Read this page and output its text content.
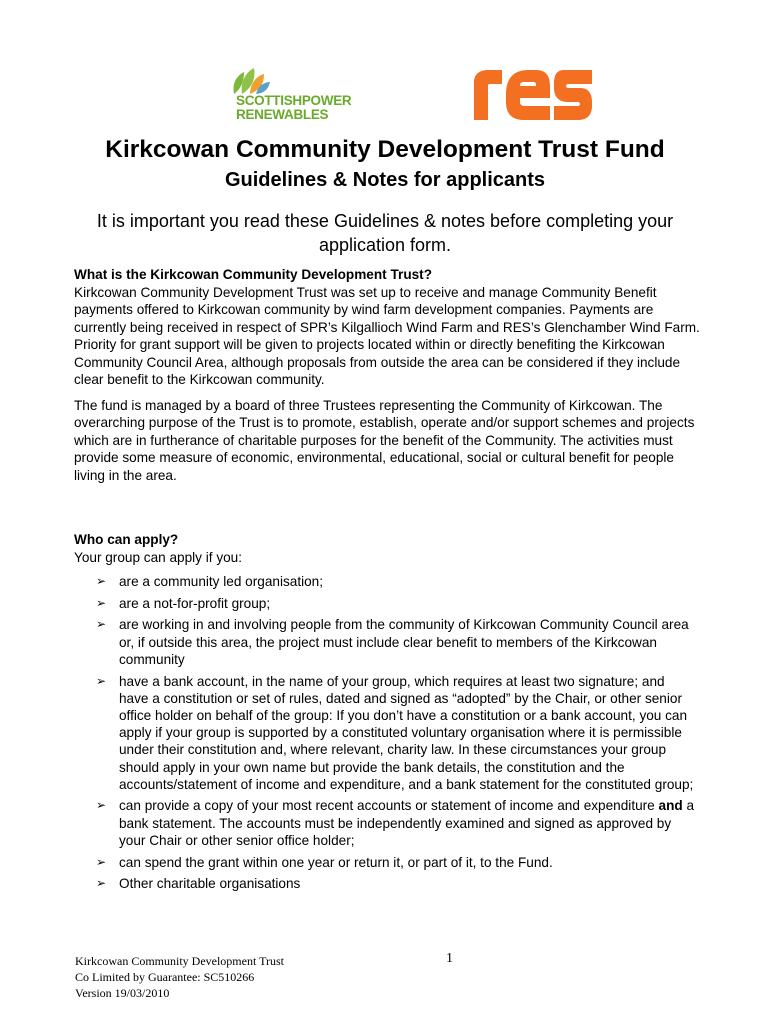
SCOTTISHPOWER
RENEWABLES
Kirkcowan Community Development Trust Fund
Guidelines & Notes for applicants
It is important you read these Guidelines & notes before completing your application form.
What is the Kirkcowan Community Development Trust?

Kirkcowan Community Development Trust was set up to receive and manage Community Benefit payments offered to Kirkcowan community by wind farm development companies. Payments are currently being received in respect of SPR’s Kilgallioch Wind Farm and RES’s Glenchamber Wind Farm. Priority for grant support will be given to projects located within or directly benefiting the Kirkcowan Community Council Area, although proposals from outside the area can be considered if they include clear benefit to the Kirkcowan community.

The fund is managed by a board of three Trustees representing the Community of Kirkcowan. The overarching purpose of the Trust is to promote, establish, operate and/or support schemes and projects which are in furtherance of charitable purposes for the benefit of the Community. The activities must provide some measure of economic, environmental, educational, social or cultural benefit for people living in the area.

Who can apply?
Your group can apply if you:
➢ are a community led organisation;
➢ are a not-for-profit group;
➢ are working in and involving people from the community of Kirkcowan Community Council area or, if outside this area, the project must include clear benefit to members of the Kirkcowan community
➢ have a bank account, in the name of your group, which requires at least two signature; and have a constitution or set of rules, dated and signed as “adopted” by the Chair, or other senior office holder on behalf of the group: If you don’t have a constitution or a bank account, you can apply if your group is supported by a constituted voluntary organisation where it is permissible under their constitution and, where relevant, charity law. In these circumstances your group should apply in your own name but provide the bank details, the constitution and the accounts/statement of income and expenditure, and a bank statement for the constituted group;
➢ can provide a copy of your most recent accounts or statement of income and expenditure and a bank statement. The accounts must be independently examined and signed as approved by your Chair or other senior office holder;
➢ can spend the grant within one year or return it, or part of it, to the Fund.
➢ Other charitable organisations
Kirkcowan Community Development Trust
Co Limited by Guarantee: SC510266
Version 19/03/2010
1
